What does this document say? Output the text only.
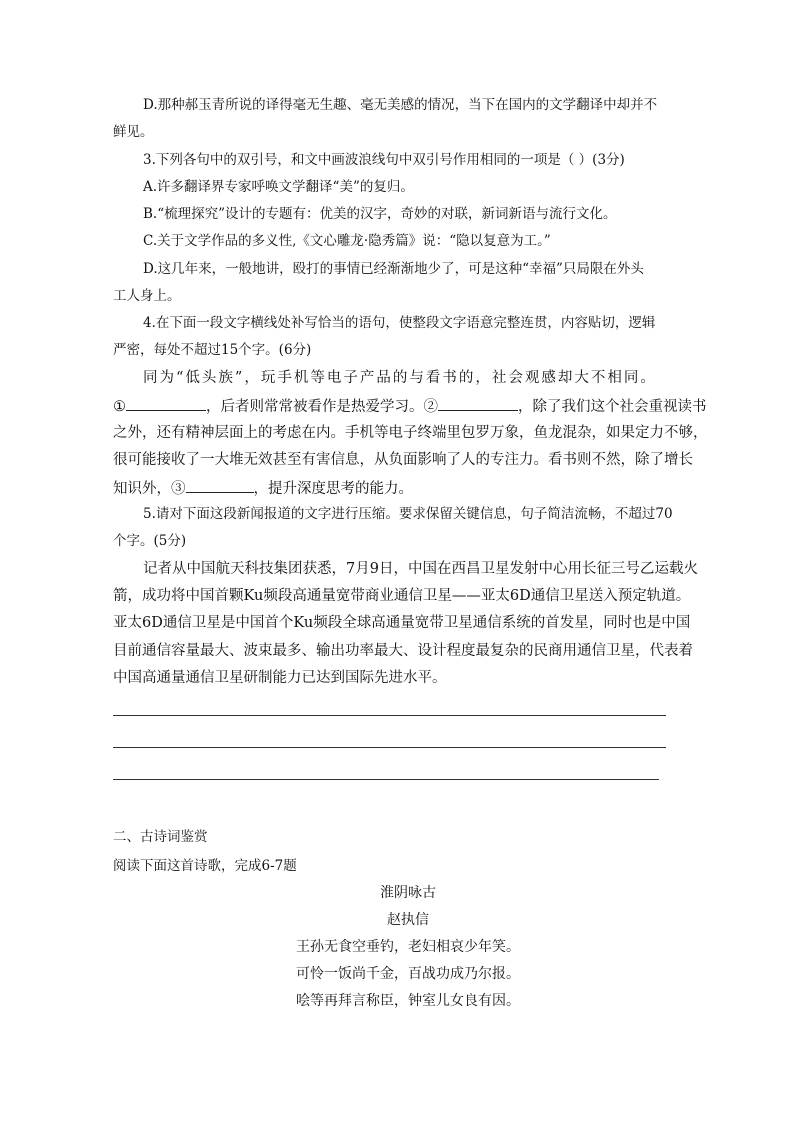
D.那种郝玉青所说的译得毫无生趣、毫无美感的情况，当下在国内的文学翻译中却并不
鲜见。
3.下列各句中的双引号，和文中画波浪线句中双引号作用相同的一项是（ ）(3分)
A.许多翻译界专家呼唤文学翻译“美”的复归。
B.“梳理探究”设计的专题有：优美的汉字，奇妙的对联，新词新语与流行文化。
C.关于文学作品的多义性,《文心雕龙·隐秀篇》说：“隐以复意为工。”
D.这几年来，一般地讲，殴打的事情已经渐渐地少了，可是这种“幸福”只局限在外头
工人身上。
4.在下面一段文字横线处补写恰当的语句，使整段文字语意完整连贯，内容贴切，逻辑
严密，每处不超过15个字。(6分)
同为“低头族”，玩手机等电子产品的与看书的，社会观感却大不相同。
①	，后者则常常被看作是热爱学习。②	，除了我们这个社会重视读书
之外，还有精神层面上的考虑在内。手机等电子终端里包罗万象，鱼龙混杂，如果定力不够，
很可能接收了一大堆无效甚至有害信息，从负面影响了人的专注力。看书则不然，除了增长
知识外，③	，提升深度思考的能力。
5.请对下面这段新闻报道的文字进行压缩。要求保留关键信息，句子简洁流畅，不超过70
个字。(5分)
记者从中国航天科技集团获悉，7月9日，中国在西昌卫星发射中心用长征三号乙运载火
箭，成功将中国首颗Ku频段高通量宽带商业通信卫星——亚太6D通信卫星送入预定轨道。
亚太6D通信卫星是中国首个Ku频段全球高通量宽带卫星通信系统的首发星，同时也是中国
目前通信容量最大、波束最多、输出功率最大、设计程度最复杂的民商用通信卫星，代表着
中国高通量通信卫星研制能力已达到国际先进水平。
二、古诗词鉴赏
阅读下面这首诗歌，完成6-7题
淮阴咏古
赵执信
王孙无食空垂钓，老妇相哀少年笑。
可怜一饭尚千金，百战功成乃尔报。
哙等再拜言称臣，钟室儿女良有因。
